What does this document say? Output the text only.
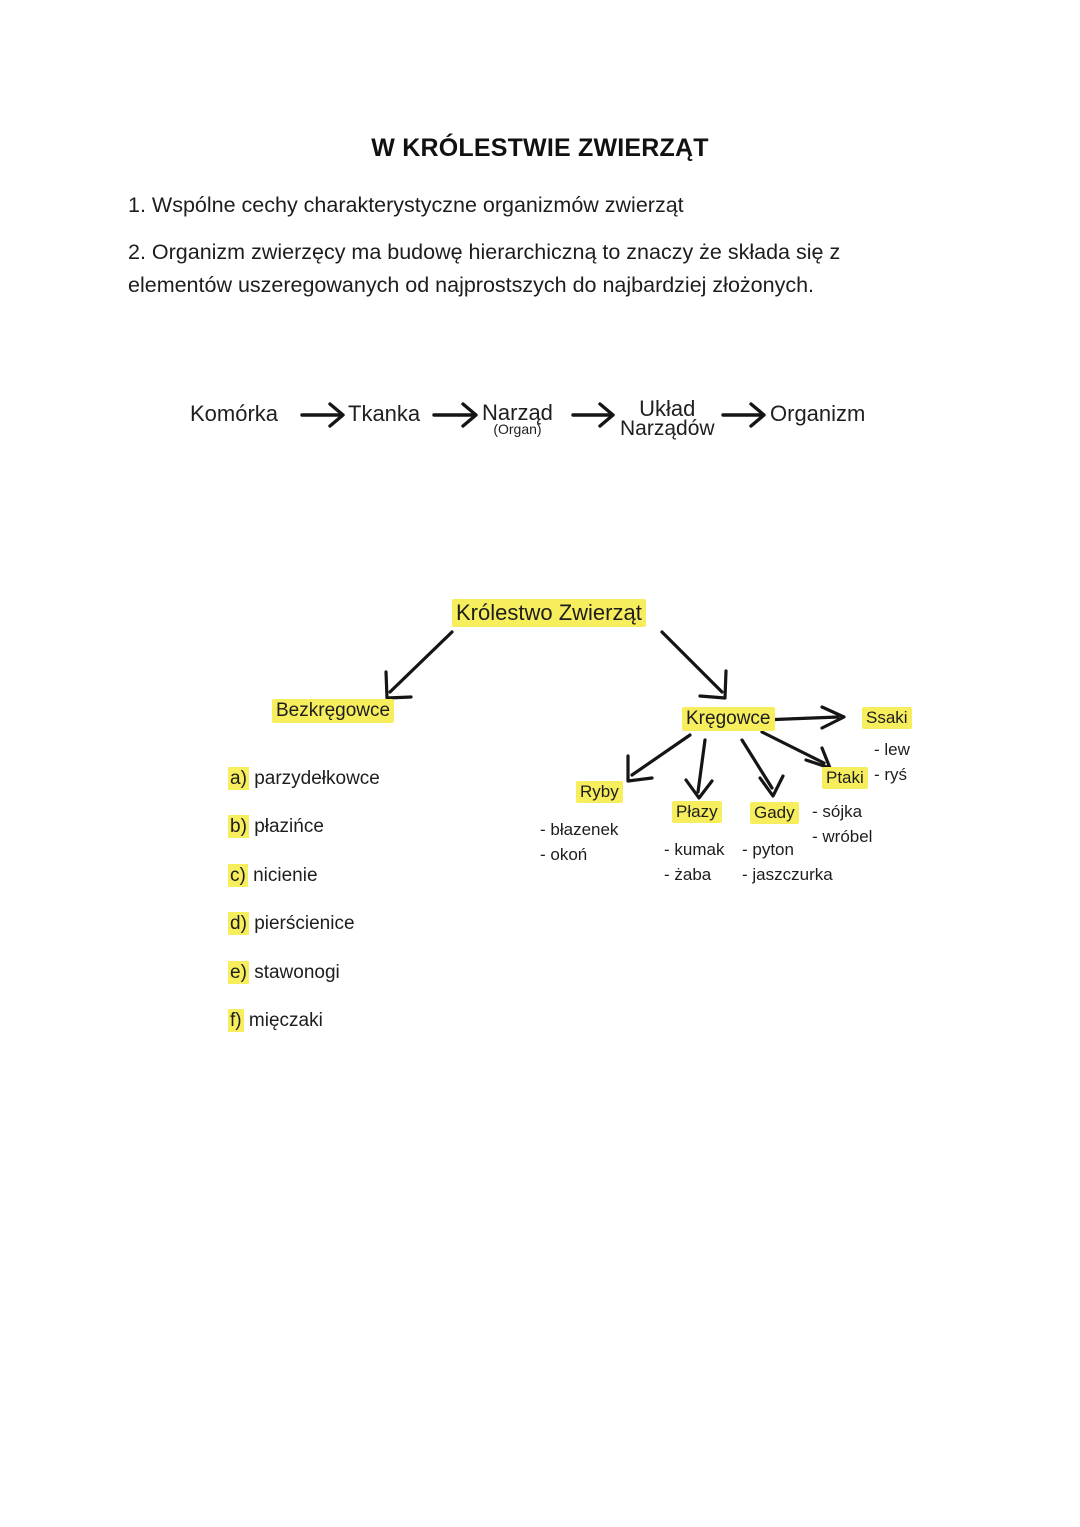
W KRÓLESTWIE ZWIERZĄT
1. Wspólne cechy charakterystyczne organizmów zwierząt
2. Organizm zwierzęcy ma budowę hierarchiczną to znaczy że składa się z elementów uszeregowanych od najprostszych do najbardziej złożonych.
Komórka	Tkanka	Narząd
(Organ)
Układ
Narządów
Organizm
Królestwo Zwierząt
Bezkręgowce
a) parzydełkowce
b) płazińce
c) nicienie
d) pierścienice
e) stawonogi
f) mięczaki
Kręgowce
Ryby
- błazenek
- okoń
Płazy
- kumak
- żaba
Gady
- pyton
- jaszczurka
Ptaki
- sójka
- wróbel
Ssaki
- lew
- ryś
